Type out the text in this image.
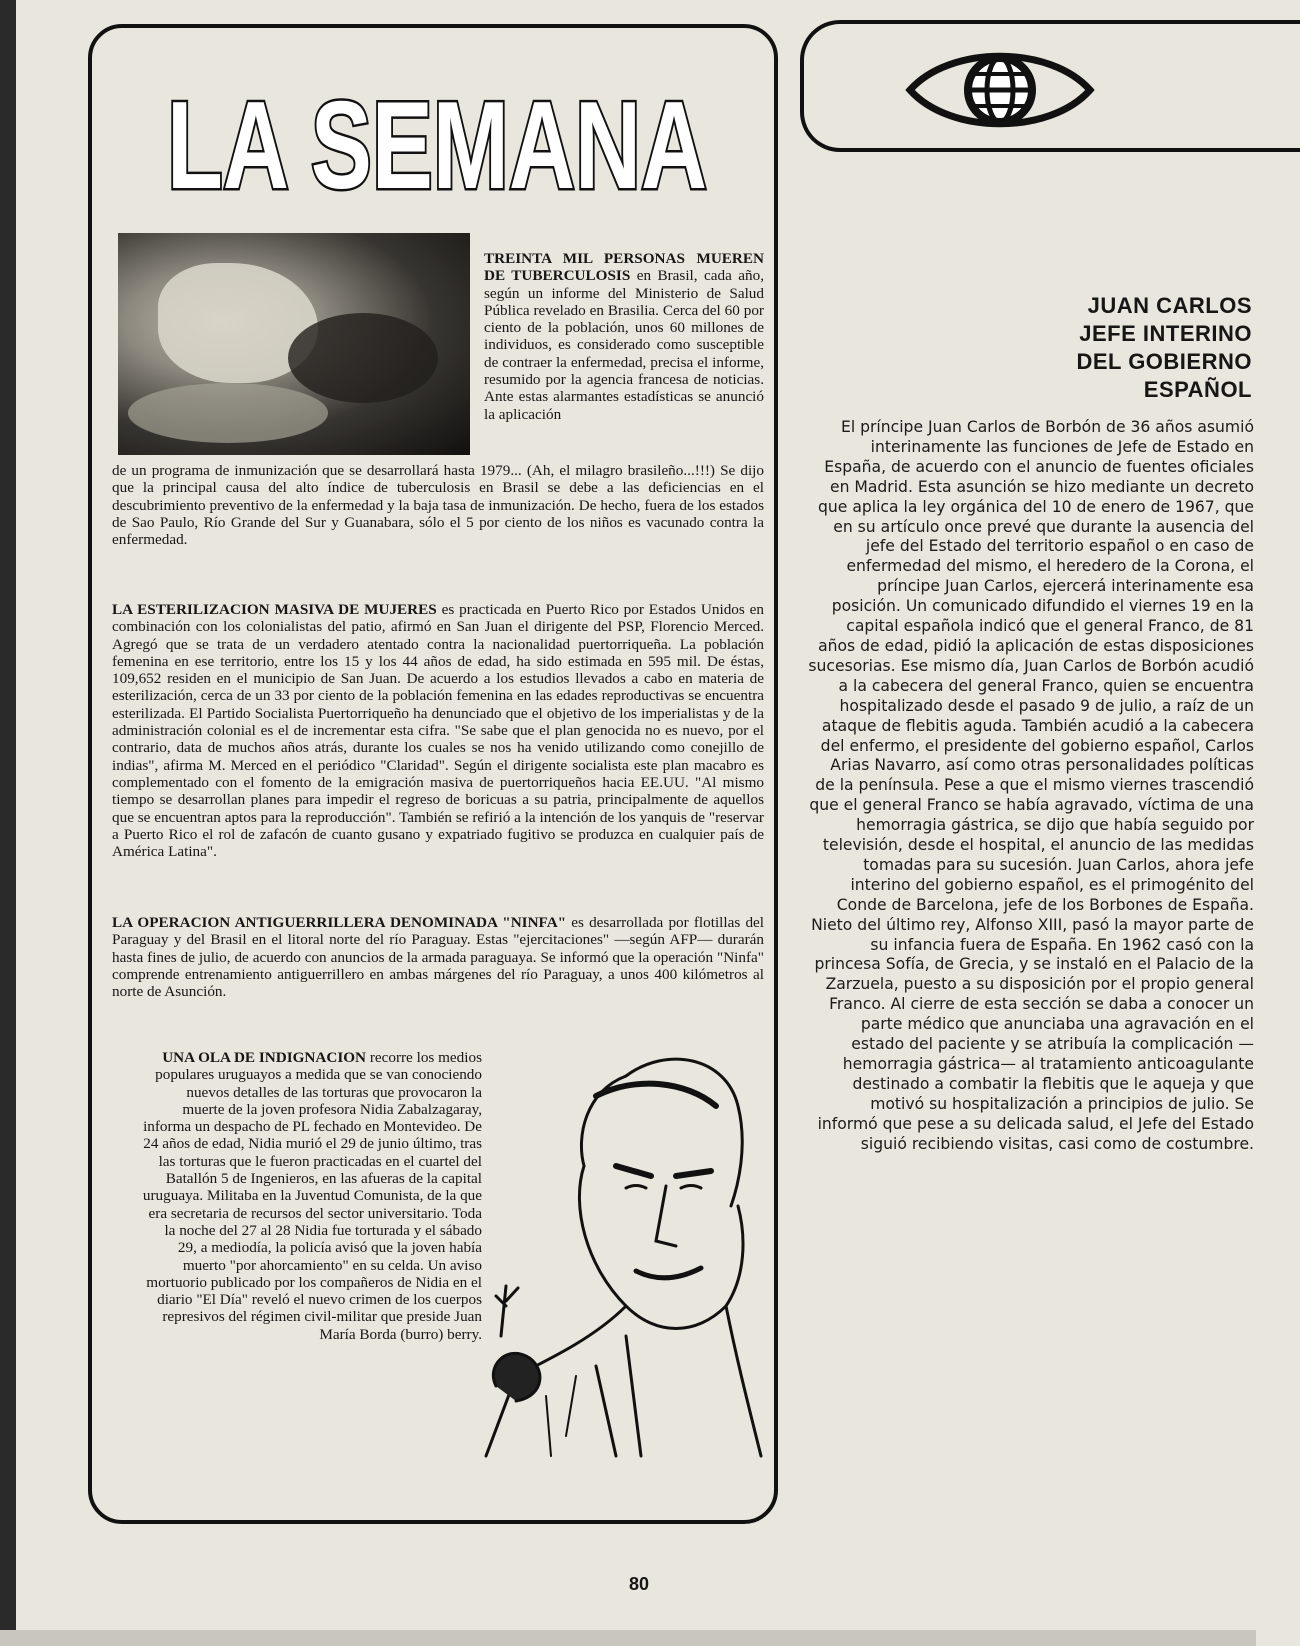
LA SEMANA

TREINTA MIL PERSONAS MUEREN DE TUBERCULOSIS en Brasil, cada año, según un informe del Ministerio de Salud Pública revelado en Brasilia. Cerca del 60 por ciento de la población, unos 60 millones de individuos, es considerado como susceptible de contraer la enfermedad, precisa el informe, resumido por la agencia francesa de noticias. Ante estas alarmantes estadísticas se anunció la aplicación

de un programa de inmunización que se desarrollará hasta 1979... (Ah, el milagro brasileño...!!!) Se dijo que la principal causa del alto índice de tuberculosis en Brasil se debe a las deficiencias en el descubrimiento preventivo de la enfermedad y la baja tasa de inmunización. De hecho, fuera de los estados de Sao Paulo, Río Grande del Sur y Guanabara, sólo el 5 por ciento de los niños es vacunado contra la enfermedad.

LA ESTERILIZACION MASIVA DE MUJERES es practicada en Puerto Rico por Estados Unidos en combinación con los colonialistas del patio, afirmó en San Juan el dirigente del PSP, Florencio Merced. Agregó que se trata de un verdadero atentado contra la nacionalidad puertorriqueña. La población femenina en ese territorio, entre los 15 y los 44 años de edad, ha sido estimada en 595 mil. De éstas, 109,652 residen en el municipio de San Juan. De acuerdo a los estudios llevados a cabo en materia de esterilización, cerca de un 33 por ciento de la población femenina en las edades reproductivas se encuentra esterilizada. El Partido Socialista Puertorriqueño ha denunciado que el objetivo de los imperialistas y de la administración colonial es el de incrementar esta cifra. "Se sabe que el plan genocida no es nuevo, por el contrario, data de muchos años atrás, durante los cuales se nos ha venido utilizando como conejillo de indias", afirma M. Merced en el periódico "Claridad". Según el dirigente socialista este plan macabro es complementado con el fomento de la emigración masiva de puertorriqueños hacia EE.UU. "Al mismo tiempo se desarrollan planes para impedir el regreso de boricuas a su patria, principalmente de aquellos que se encuentran aptos para la reproducción". También se refirió a la intención de los yanquis de "reservar a Puerto Rico el rol de zafacón de cuanto gusano y expatriado fugitivo se produzca en cualquier país de América Latina".

LA OPERACION ANTIGUERRILLERA DENOMINADA "NINFA" es desarrollada por flotillas del Paraguay y del Brasil en el litoral norte del río Paraguay. Estas "ejercitaciones" —según AFP— durarán hasta fines de julio, de acuerdo con anuncios de la armada paraguaya. Se informó que la operación "Ninfa" comprende entrenamiento antiguerrillero en ambas márgenes del río Paraguay, a unos 400 kilómetros al norte de Asunción.

UNA OLA DE INDIGNACION recorre los medios populares uruguayos a medida que se van conociendo nuevos detalles de las torturas que provocaron la muerte de la joven profesora Nidia Zabalzagaray, informa un despacho de PL fechado en Montevideo. De 24 años de edad, Nidia murió el 29 de junio último, tras las torturas que le fueron practicadas en el cuartel del Batallón 5 de Ingenieros, en las afueras de la capital uruguaya. Militaba en la Juventud Comunista, de la que era secretaria de recursos del sector universitario. Toda la noche del 27 al 28 Nidia fue torturada y el sábado 29, a mediodía, la policía avisó que la joven había muerto "por ahorcamiento" en su celda. Un aviso mortuorio publicado por los compañeros de Nidia en el diario "El Día" reveló el nuevo crimen de los cuerpos represivos del régimen civil-militar que preside Juan María Borda (burro) berry.

80
JUAN CARLOS
JEFE INTERINO
DEL GOBIERNO
ESPAÑOL

El príncipe Juan Carlos de Borbón de 36 años asumió interinamente las funciones de Jefe de Estado en España, de acuerdo con el anuncio de fuentes oficiales en Madrid. Esta asunción se hizo mediante un decreto que aplica la ley orgánica del 10 de enero de 1967, que en su artículo once prevé que durante la ausencia del jefe del Estado del territorio español o en caso de enfermedad del mismo, el heredero de la Corona, el príncipe Juan Carlos, ejercerá interinamente esa posición. Un comunicado difundido el viernes 19 en la capital española indicó que el general Franco, de 81 años de edad, pidió la aplicación de estas disposiciones sucesorias. Ese mismo día, Juan Carlos de Borbón acudió a la cabecera del general Franco, quien se encuentra hospitalizado desde el pasado 9 de julio, a raíz de un ataque de flebitis aguda. También acudió a la cabecera del enfermo, el presidente del gobierno español, Carlos Arias Navarro, así como otras personalidades políticas de la península. Pese a que el mismo viernes trascendió que el general Franco se había agravado, víctima de una hemorragia gástrica, se dijo que había seguido por televisión, desde el hospital, el anuncio de las medidas tomadas para su sucesión. Juan Carlos, ahora jefe interino del gobierno español, es el primogénito del Conde de Barcelona, jefe de los Borbones de España. Nieto del último rey, Alfonso XIII, pasó la mayor parte de su infancia fuera de España. En 1962 casó con la princesa Sofía, de Grecia, y se instaló en el Palacio de la Zarzuela, puesto a su disposición por el propio general Franco. Al cierre de esta sección se daba a conocer un parte médico que anunciaba una agravación en el estado del paciente y se atribuía la complicación —hemorragia gástrica— al tratamiento anticoagulante destinado a combatir la flebitis que le aqueja y que motivó su hospitalización a principios de julio. Se informó que pese a su delicada salud, el Jefe del Estado siguió recibiendo visitas, casi como de costumbre.
